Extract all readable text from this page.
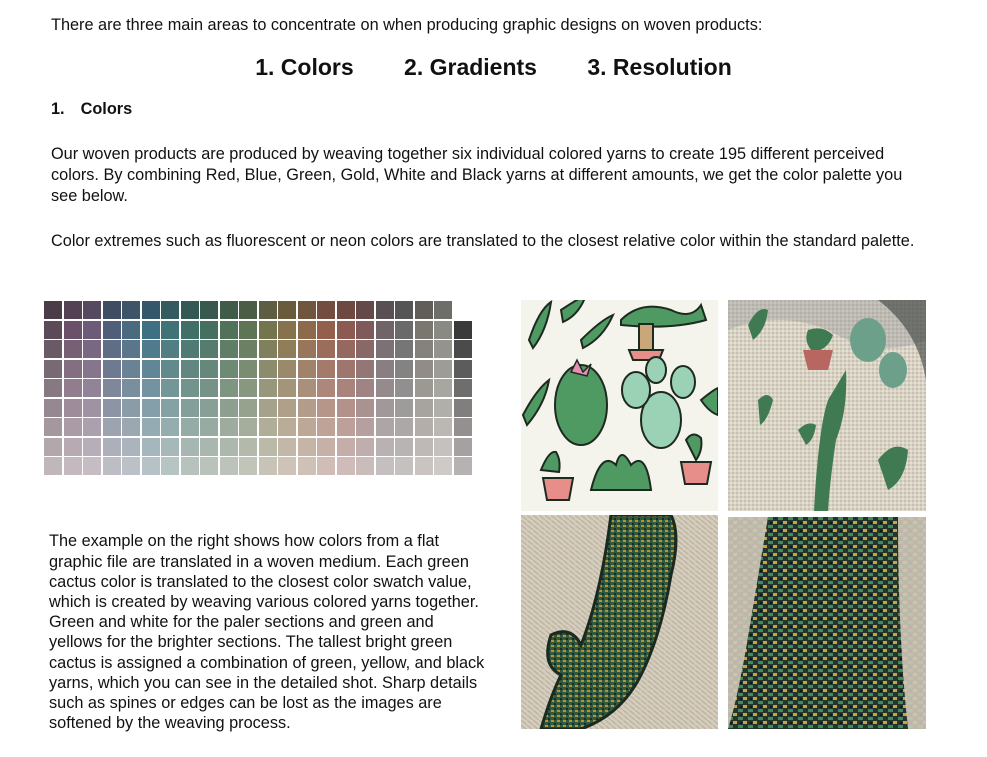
There are three main areas to concentrate on when producing graphic designs on woven products:

1. Colors 2. Gradients 3. Resolution
1. Colors

Our woven products are produced by weaving together six individual colored yarns to create 195 different perceived colors. By combining Red, Blue, Green, Gold, White and Black yarns at different amounts, we get the color palette you see below.

Color extremes such as fluorescent or neon colors are translated to the closest relative color within the standard palette.

The example on the right shows how colors from a flat graphic file are translated in a woven medium. Each green cactus color is translated to the closest color swatch value, which is created by weaving various colored yarns together. Green and white for the paler sections and green and yellows for the brighter sections. The tallest bright green cactus is assigned a combination of green, yellow, and black yarns, which you can see in the detailed shot. Sharp details such as spines or edges can be lost as the images are softened by the weaving process.
